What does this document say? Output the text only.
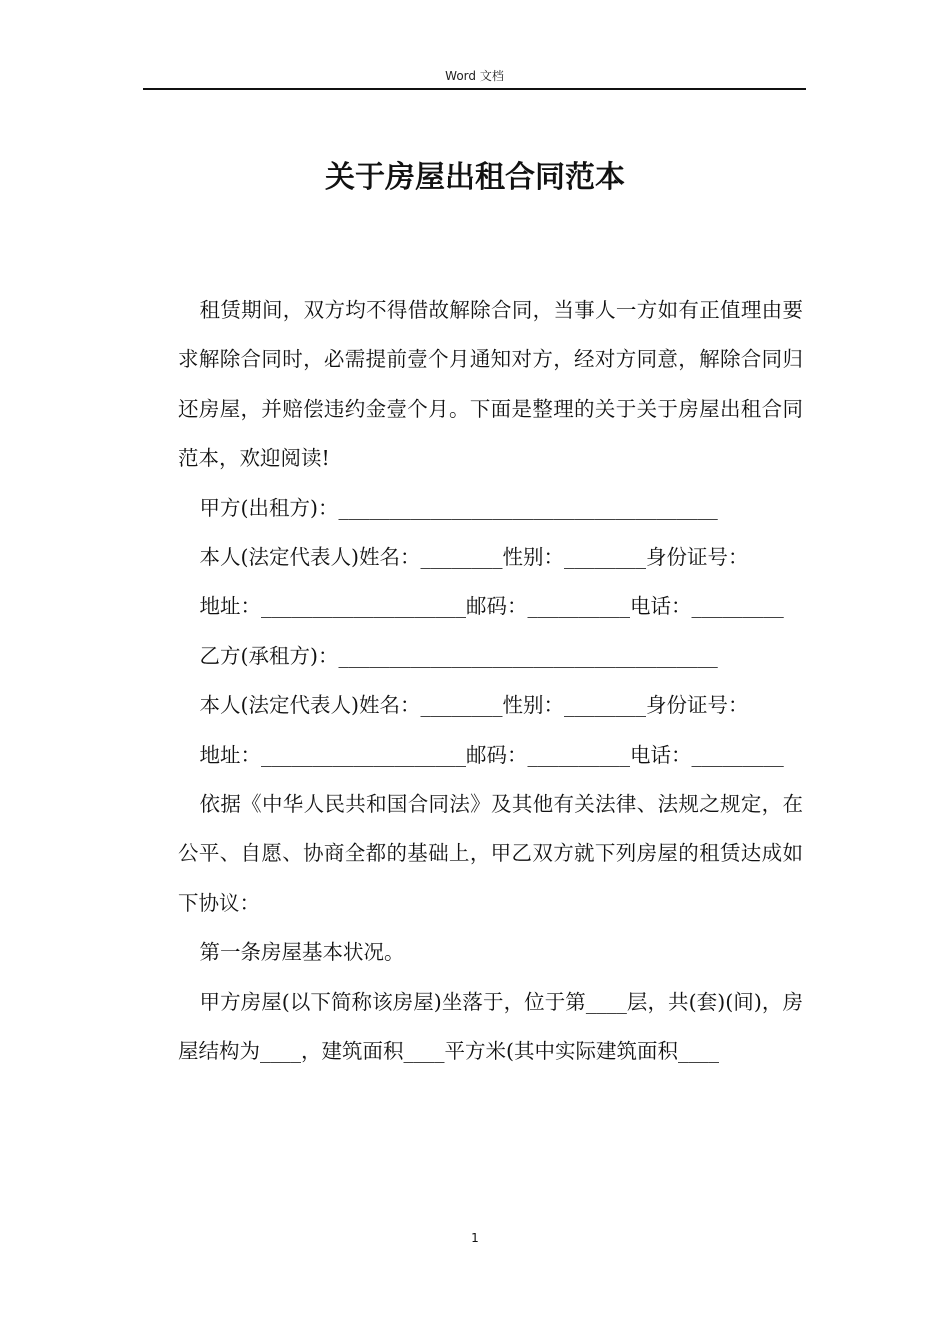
Word 文档
关于房屋出租合同范本

租赁期间，双方均不得借故解除合同，当事人一方如有正值理由要求解除合同时，必需提前壹个月通知对方，经对方同意，解除合同归还房屋，并赔偿违约金壹个月。下面是整理的关于关于房屋出租合同范本，欢迎阅读!

甲方(出租方)：_____________________________________

本人(法定代表人)姓名：________性别：________身份证号：

地址：____________________邮码：__________电话：_________

乙方(承租方)：_____________________________________

本人(法定代表人)姓名：________性别：________身份证号：

地址：____________________邮码：__________电话：_________

依据《中华人民共和国合同法》及其他有关法律、法规之规定，在公平、自愿、协商全都的基础上，甲乙双方就下列房屋的租赁达成如下协议：

第一条房屋基本状况。

甲方房屋(以下简称该房屋)坐落于，位于第____层，共(套)(间)，房屋结构为____，建筑面积____平方米(其中实际建筑面积____

1
